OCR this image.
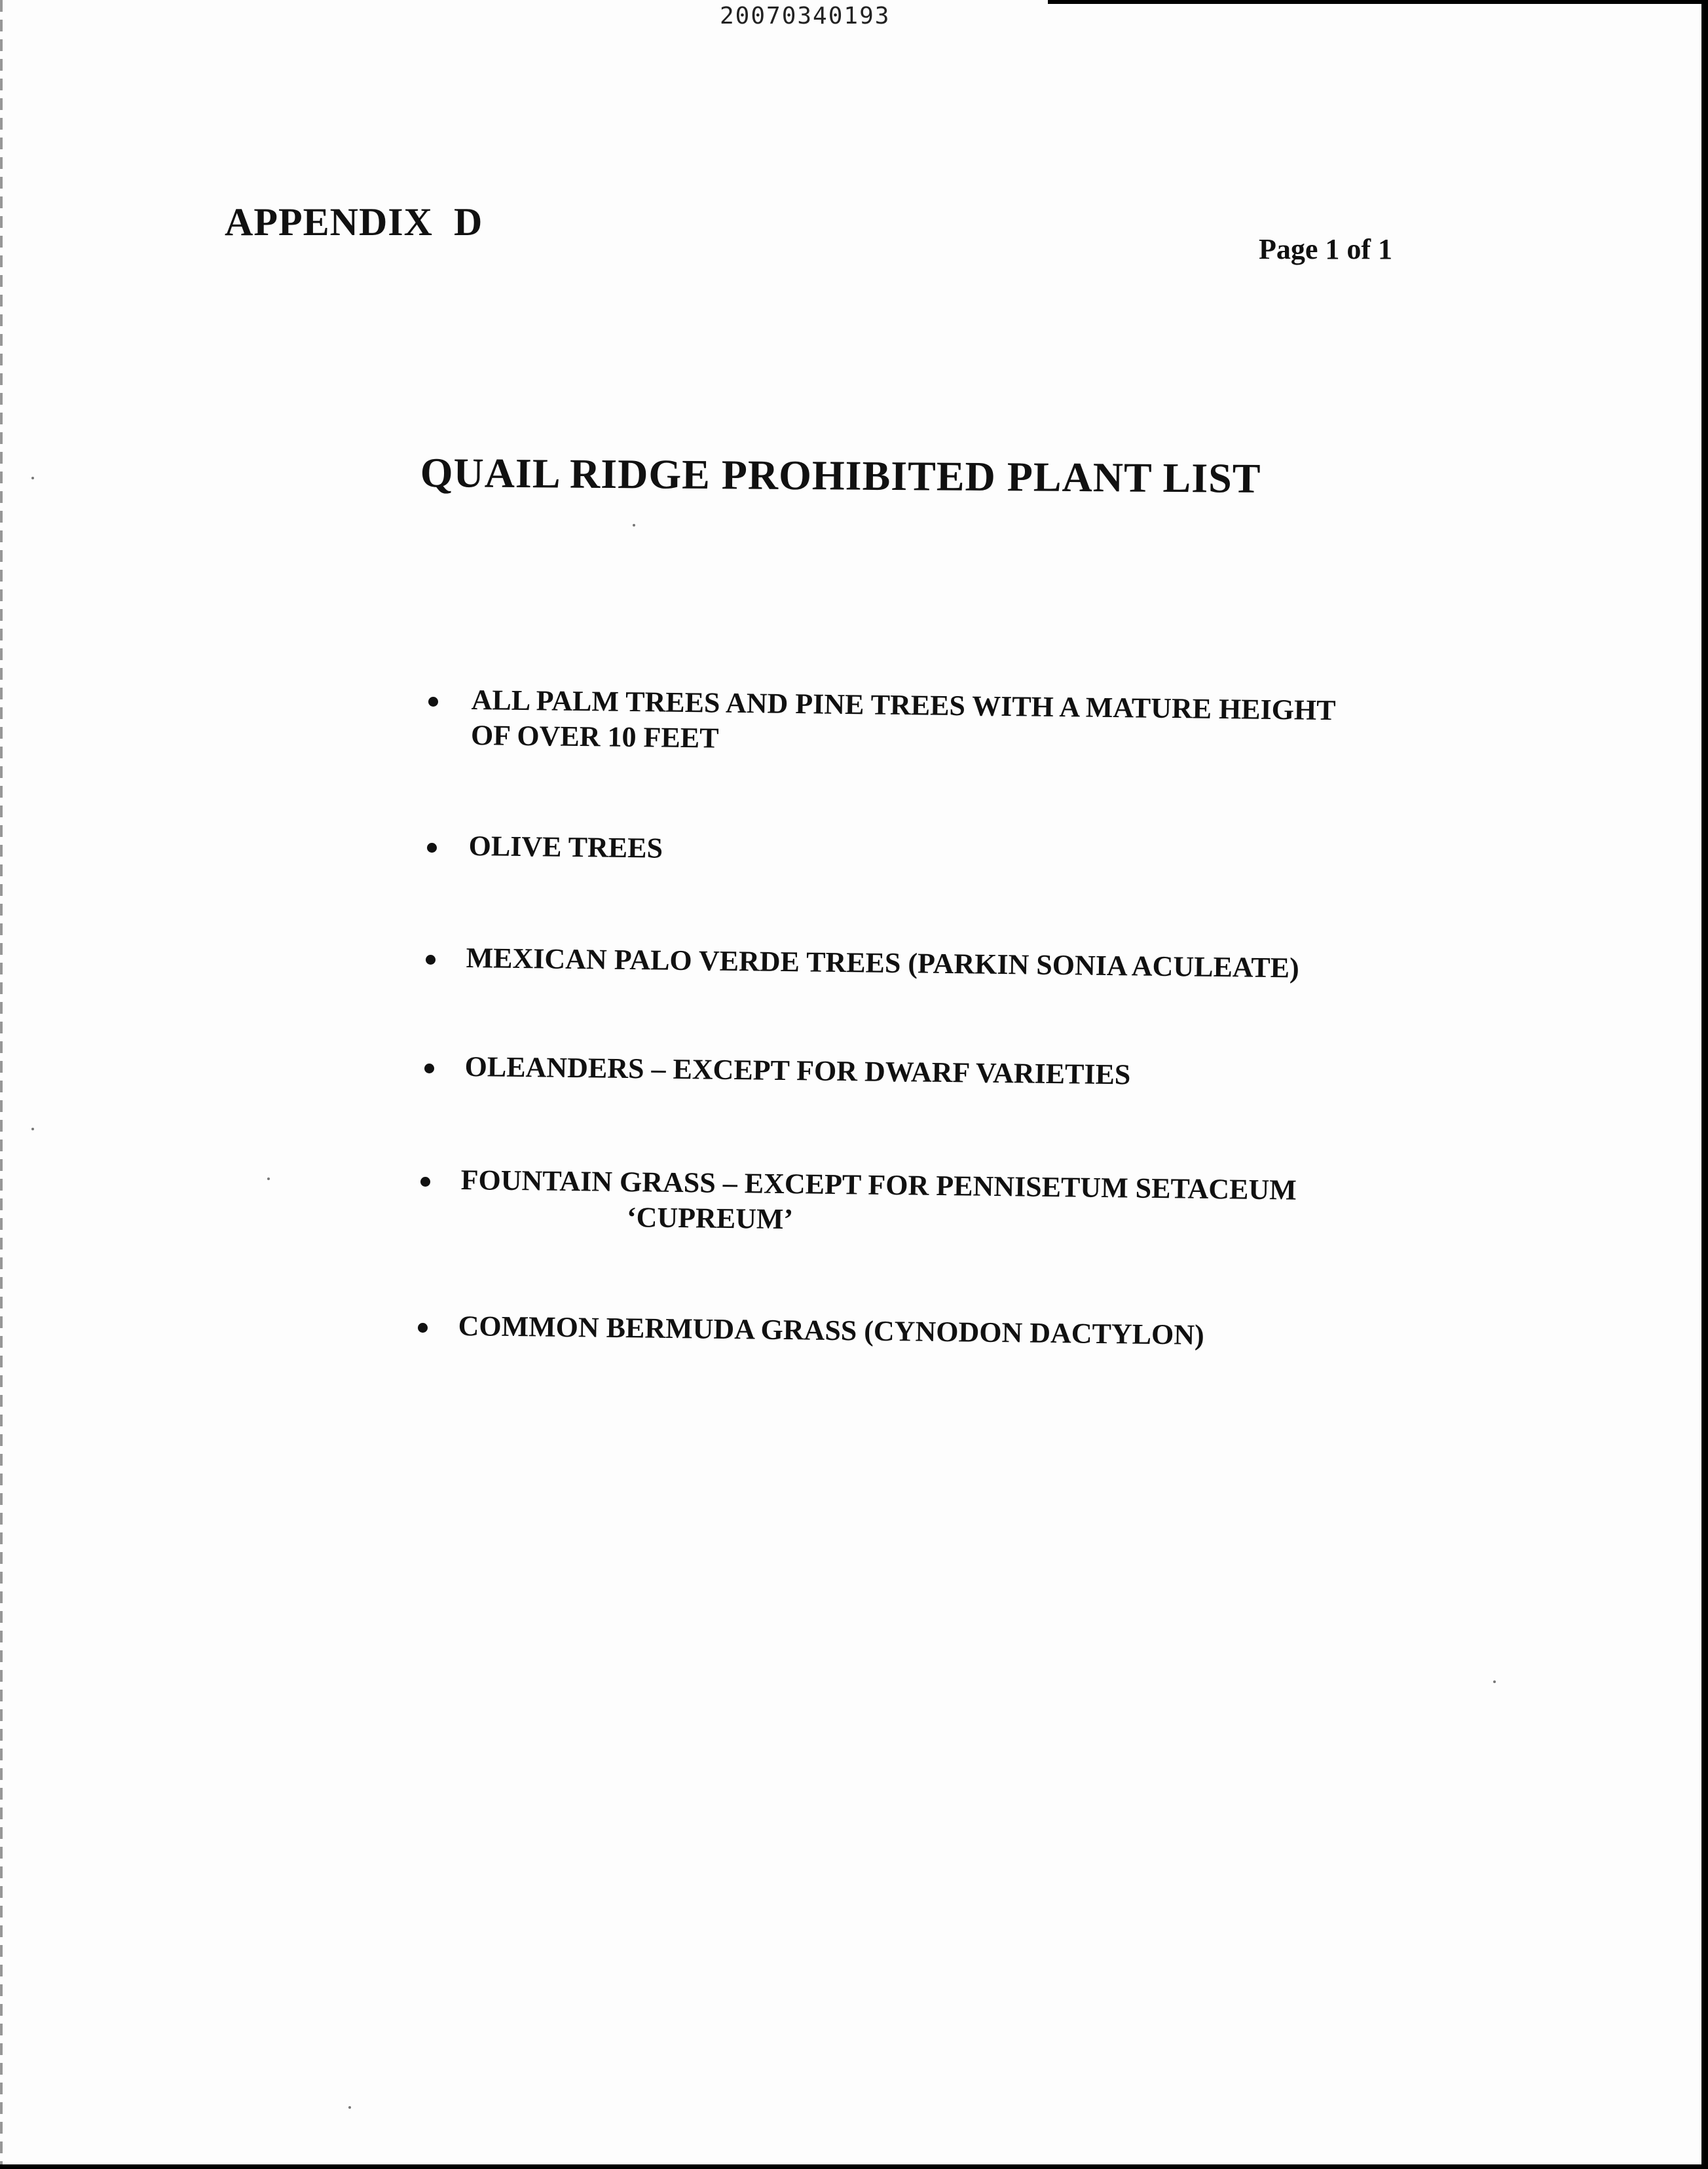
20070340193
APPENDIX  D
Page 1 of 1
QUAIL RIDGE PROHIBITED PLANT LIST
ALL PALM TREES AND PINE TREES WITH A MATURE HEIGHT
OF OVER 10 FEET
OLIVE TREES
MEXICAN PALO VERDE TREES (PARKIN SONIA ACULEATE)
OLEANDERS – EXCEPT FOR DWARF VARIETIES
FOUNTAIN GRASS – EXCEPT FOR PENNISETUM SETACEUM
‘CUPREUM’
COMMON BERMUDA GRASS (CYNODON DACTYLON)
